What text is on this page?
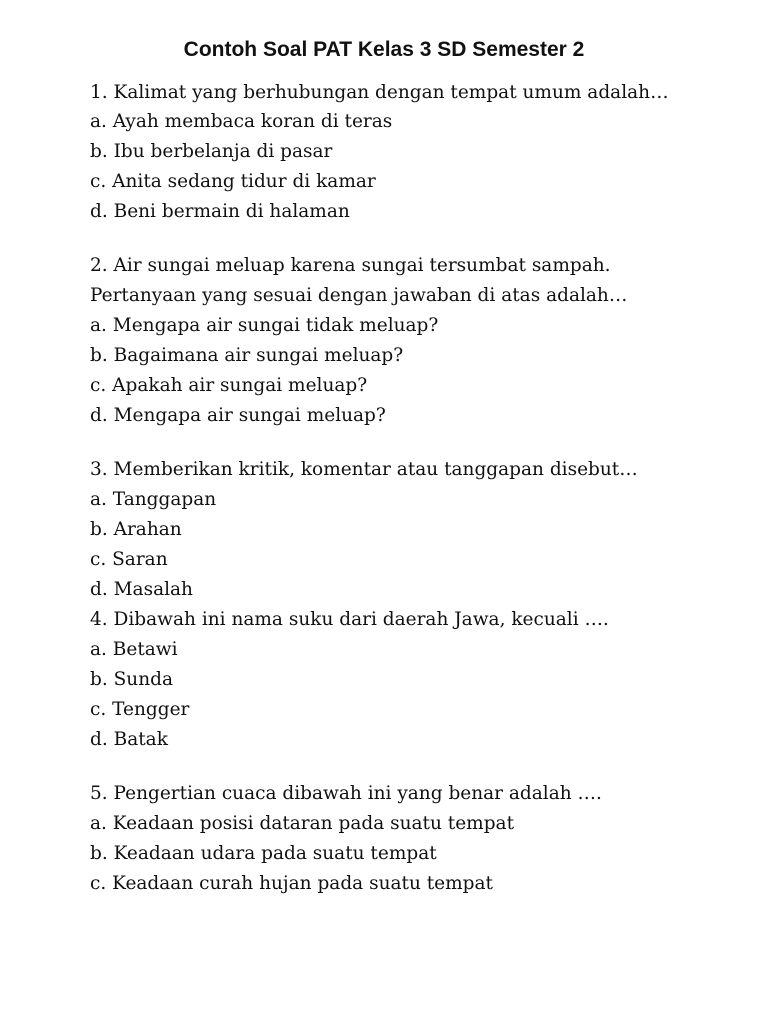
Contoh Soal PAT Kelas 3 SD Semester 2

1. Kalimat yang berhubungan dengan tempat umum adalah…

a. Ayah membaca koran di teras
b. Ibu berbelanja di pasar
c. Anita sedang tidur di kamar
d. Beni bermain di halaman

2. Air sungai meluap karena sungai tersumbat sampah.

Pertanyaan yang sesuai dengan jawaban di atas adalah…

a. Mengapa air sungai tidak meluap?
b. Bagaimana air sungai meluap?
c. Apakah air sungai meluap?
d. Mengapa air sungai meluap?

3. Memberikan kritik, komentar atau tanggapan disebut…

a. Tanggapan
b. Arahan
c. Saran
d. Masalah

4. Dibawah ini nama suku dari daerah Jawa, kecuali ….

a. Betawi
b. Sunda
c. Tengger
d. Batak

5. Pengertian cuaca dibawah ini yang benar adalah ….

a. Keadaan posisi dataran pada suatu tempat
b. Keadaan udara pada suatu tempat
c. Keadaan curah hujan pada suatu tempat
